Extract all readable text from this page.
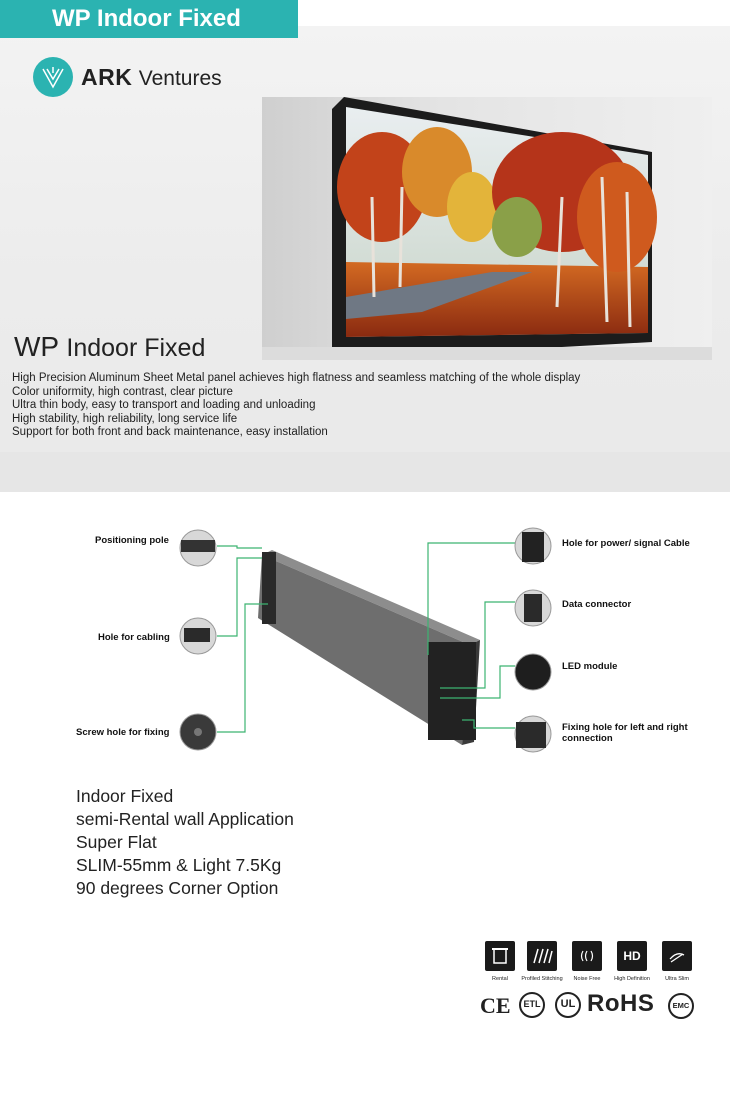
WP Indoor Fixed
ARK Ventures
WP Indoor Fixed
High Precision Aluminum Sheet Metal panel achieves high flatness and seamless matching of the whole display
Color uniformity, high contrast, clear picture
Ultra thin body, easy to transport and loading and unloading
High stability, high reliability, long service life
Support for both front and back maintenance, easy installation
Positioning pole
Hole for cabling
Screw hole for fixing
Hole for power/ signal Cable
Data connector
LED module
Fixing hole for left and right connection
Indoor Fixed
semi-Rental wall Application
Super Flat
SLIM-55mm & Light 7.5Kg
90 degrees Corner Option
HD
Rental	Profiled Stitching	Noise Free	High Definition	Ultra Slim
CE	ETL	UL RoHS	EMC
